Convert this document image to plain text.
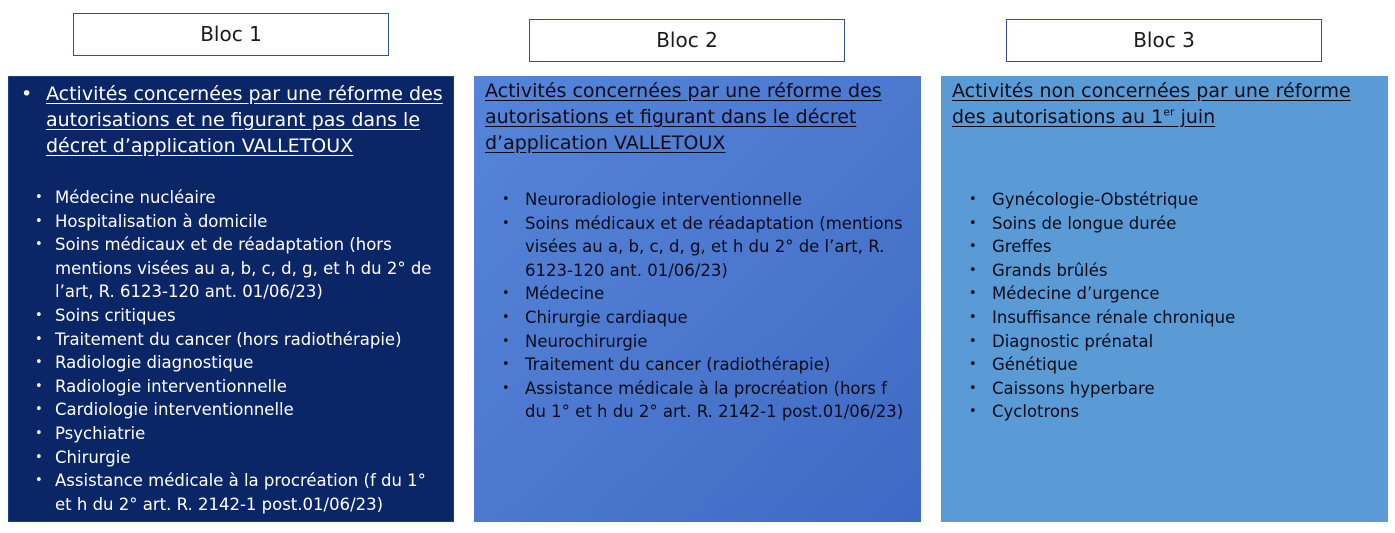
Bloc 1	Bloc 2	Bloc 3

• Activités concernées par une réforme des autorisations et ne figurant pas dans le décret d’application VALLETOUX

• Médecine nucléaire
• Hospitalisation à domicile
• Soins médicaux et de réadaptation (hors mentions visées au a, b, c, d, g, et h du 2° de l’art, R. 6123-120 ant. 01/06/23)
• Soins critiques
• Traitement du cancer (hors radiothérapie)
• Radiologie diagnostique
• Radiologie interventionnelle
• Cardiologie interventionnelle
• Psychiatrie
• Chirurgie
• Assistance médicale à la procréation (f du 1° et h du 2° art. R. 2142-1 post.01/06/23)

Activités concernées par une réforme des autorisations et figurant dans le décret d’application VALLETOUX

• Neuroradiologie interventionnelle
• Soins médicaux et de réadaptation (mentions visées au a, b, c, d, g, et h du 2° de l’art, R. 6123-120 ant. 01/06/23)
• Médecine
• Chirurgie cardiaque
• Neurochirurgie
• Traitement du cancer (radiothérapie)
• Assistance médicale à la procréation (hors f du 1° et h du 2° art. R. 2142-1 post.01/06/23)

Activités non concernées par une réforme des autorisations au 1er juin

• Gynécologie-Obstétrique
• Soins de longue durée
• Greffes
• Grands brûlés
• Médecine d’urgence
• Insuffisance rénale chronique
• Diagnostic prénatal
• Génétique
• Caissons hyperbare
• Cyclotrons
